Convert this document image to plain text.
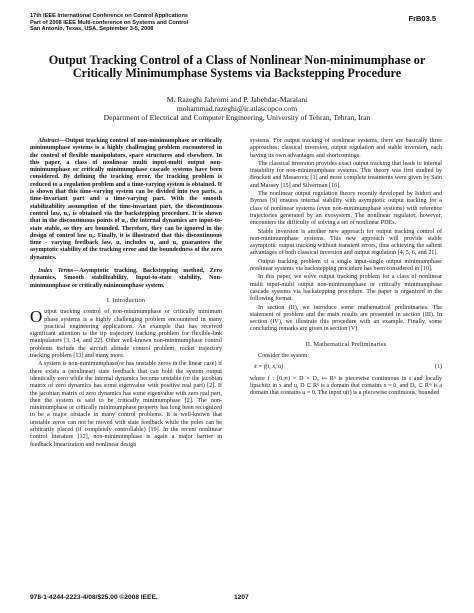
17th IEEE International Conference on Control Applications
Part of 2008 IEEE Multi-conference on Systems and Control
San Antonio, Texas, USA, September 3-5, 2008
FrB03.5
Output Tracking Control of a Class of Nonlinear Non-minimumphase or Critically Minimumphase Systems via Backstepping Procedure
M. Razeghi Jahromi and P. Jabehdar-Maralani
mohammad.razeghi@ir.atlascopco.com
Department of Electrical and Computer Engineering, University of Tehran, Tehran, Iran

Abstract—Output tracking control of non-minimumphase or critically minimumphase systems is a highly challenging problem encountered in the control of flexible manipulators, space structures and elsewhere. In this paper, a class of nonlinear multi input-multi output non-minimumphase or critically minimumphase cascade systems have been considered. By defining the tracking error, the tracking problem is reduced to a regulation problem and a time-varying system is obtained. It is shown that this time-varying system can be divided into two parts, a time-invariant part and a time-varying part. With the smooth stabilizability assumption of the time-invariant part, the discontinuous control law, u₁, is obtained via the backstepping procedure. It is shown that in the discontinuous points of u₁, the internal dynamics are input-to-state stable, so they are bounded. Therefore, they can be ignored in the design of control law u₂. Finally, it is illustrated that this discontinuous time - varying feedback law, u, includes u₁ and u₂ guarantees the asymptotic stability of the tracking error and the boundedness of the zero dynamics.

Index Terms—Asymptotic tracking, Backstepping method, Zero dynamics, Smooth stabilizability, Input-to-state stability, Non-minimumphase or critically minimumphase system.

I. Introduction

Output tracking control of non-minimumphase or critically minimum phase systems is a highly challenging problem encountered in many practical engineering applications. An example that has received significant attention is the tip trajectory tracking problem for flexible-link manipulators [3, 14, and 22]. Other well-known non-minimumphase control problems include the aircraft altitude control problem, rocket trajectory tracking problem [13] and many more.

A system is non-minimumphase(or has unstable zeros in the linear case) if there exists a (nonlinear) state feedback that can hold the system output identically zero while the internal dynamics become unstable (or the jacobian matrix of zero dynamics has some eigenvalue with positive real part) [2]. If the jacobian matrix of zero dynamics has some eigenvalue with zero real part, then the system is said to be critically minimumphase [2]. The non-minimumphase or critically minimumphase property has long been recognized to be a major obstacle in many control problems. It is well-known that unstable zeros can not be moved with state feedback while the poles can be arbitrarily placed (if completely controllable) [19]. In the recent nonlinear control literature [12], non-minimumphase is again a major barrier in feedback linearization and nonlinear design

systems. For output tracking of nonlinear systems, there are basically three approaches: classical inversion, output regulation and stable inversion, each having its own advantages and shortcomings.

The classical inversion provides exact output tracking that leads to internal instability for non-minimumphase systems. This theory was first studied by Brockett and Mesarovic [1] and more complete treatments were given by Sain and Massey [15] and Silverman [16].

The nonlinear output regulation theory recently developed by Isidori and Byrnes [9] ensures internal stability with asymptotic output tracking for a class of nonlinear systems (even non-minimumphase systems) with reference trajectories generated by an exosystem. The nonlinear regulator, however, encounters the difficulty of solving a set of nonlinear PDEs.

Stable inversion is another new approach for output tracking control of non-minimumphase systems. This new approach will provide stable asymptotic output tracking without transient errors, thus achieving the salient advantages of both classical inversion and output regulation [4, 5, 6, and 21].

Output tracking problem of a single input-single output minimumphase nonlinear systems via backstepping procedure has been considered in [10].

In this paper, we solve output tracking problem for a class of nonlinear multi input-multi output non-minimumphase or critically minimumphase cascade systems via backstepping procedure. The paper is organized in the following format.

In section (II), we introduce some mathematical preliminaries. The statement of problem and the main results are presented in section (III). In section (IV), we illustrate this procedure with an example. Finally, some concluding remarks are given in section (V).

II. Mathematical Preliminaries

Consider the system:

ẋ = f(t, x, u)	(1)

where f : [0,∞) × D × Dᵤ ↦ Rⁿ is piecewise continuous in t and locally lipschitz in x and u, D ⊂ Rⁿ is a domain that contains x = 0, and Dᵤ ⊂ Rᵐ is a domain that contains u = 0. The input u(t) is a piecewise continuous, bounded

978-1-4244-2223-4/08/$25.00 ©2008 IEEE.	1207
